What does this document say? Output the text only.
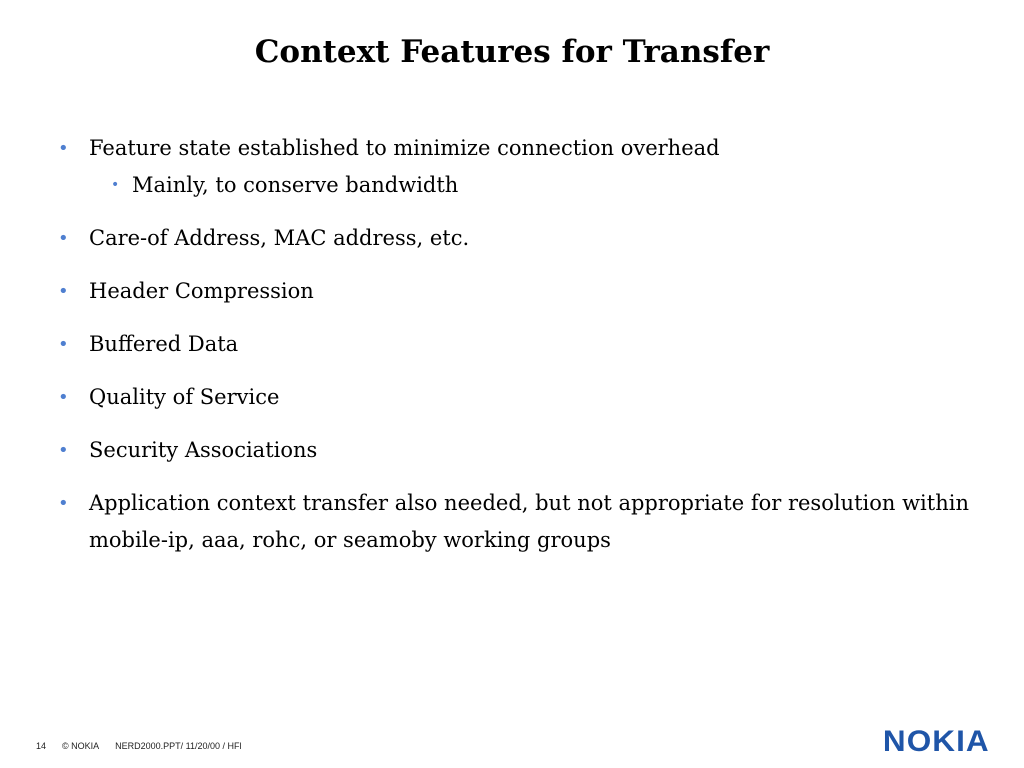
Context Features for Transfer
• Feature state established to minimize connection overhead
• Mainly, to conserve bandwidth
• Care-of Address, MAC address, etc.
• Header Compression
• Buffered Data
• Quality of Service
• Security Associations
• Application context transfer also needed, but not appropriate for resolution within mobile-ip, aaa, rohc, or seamoby working groups
14 © NOKIA NERD2000.PPT/ 11/20/00 / HFl	NOKIA
